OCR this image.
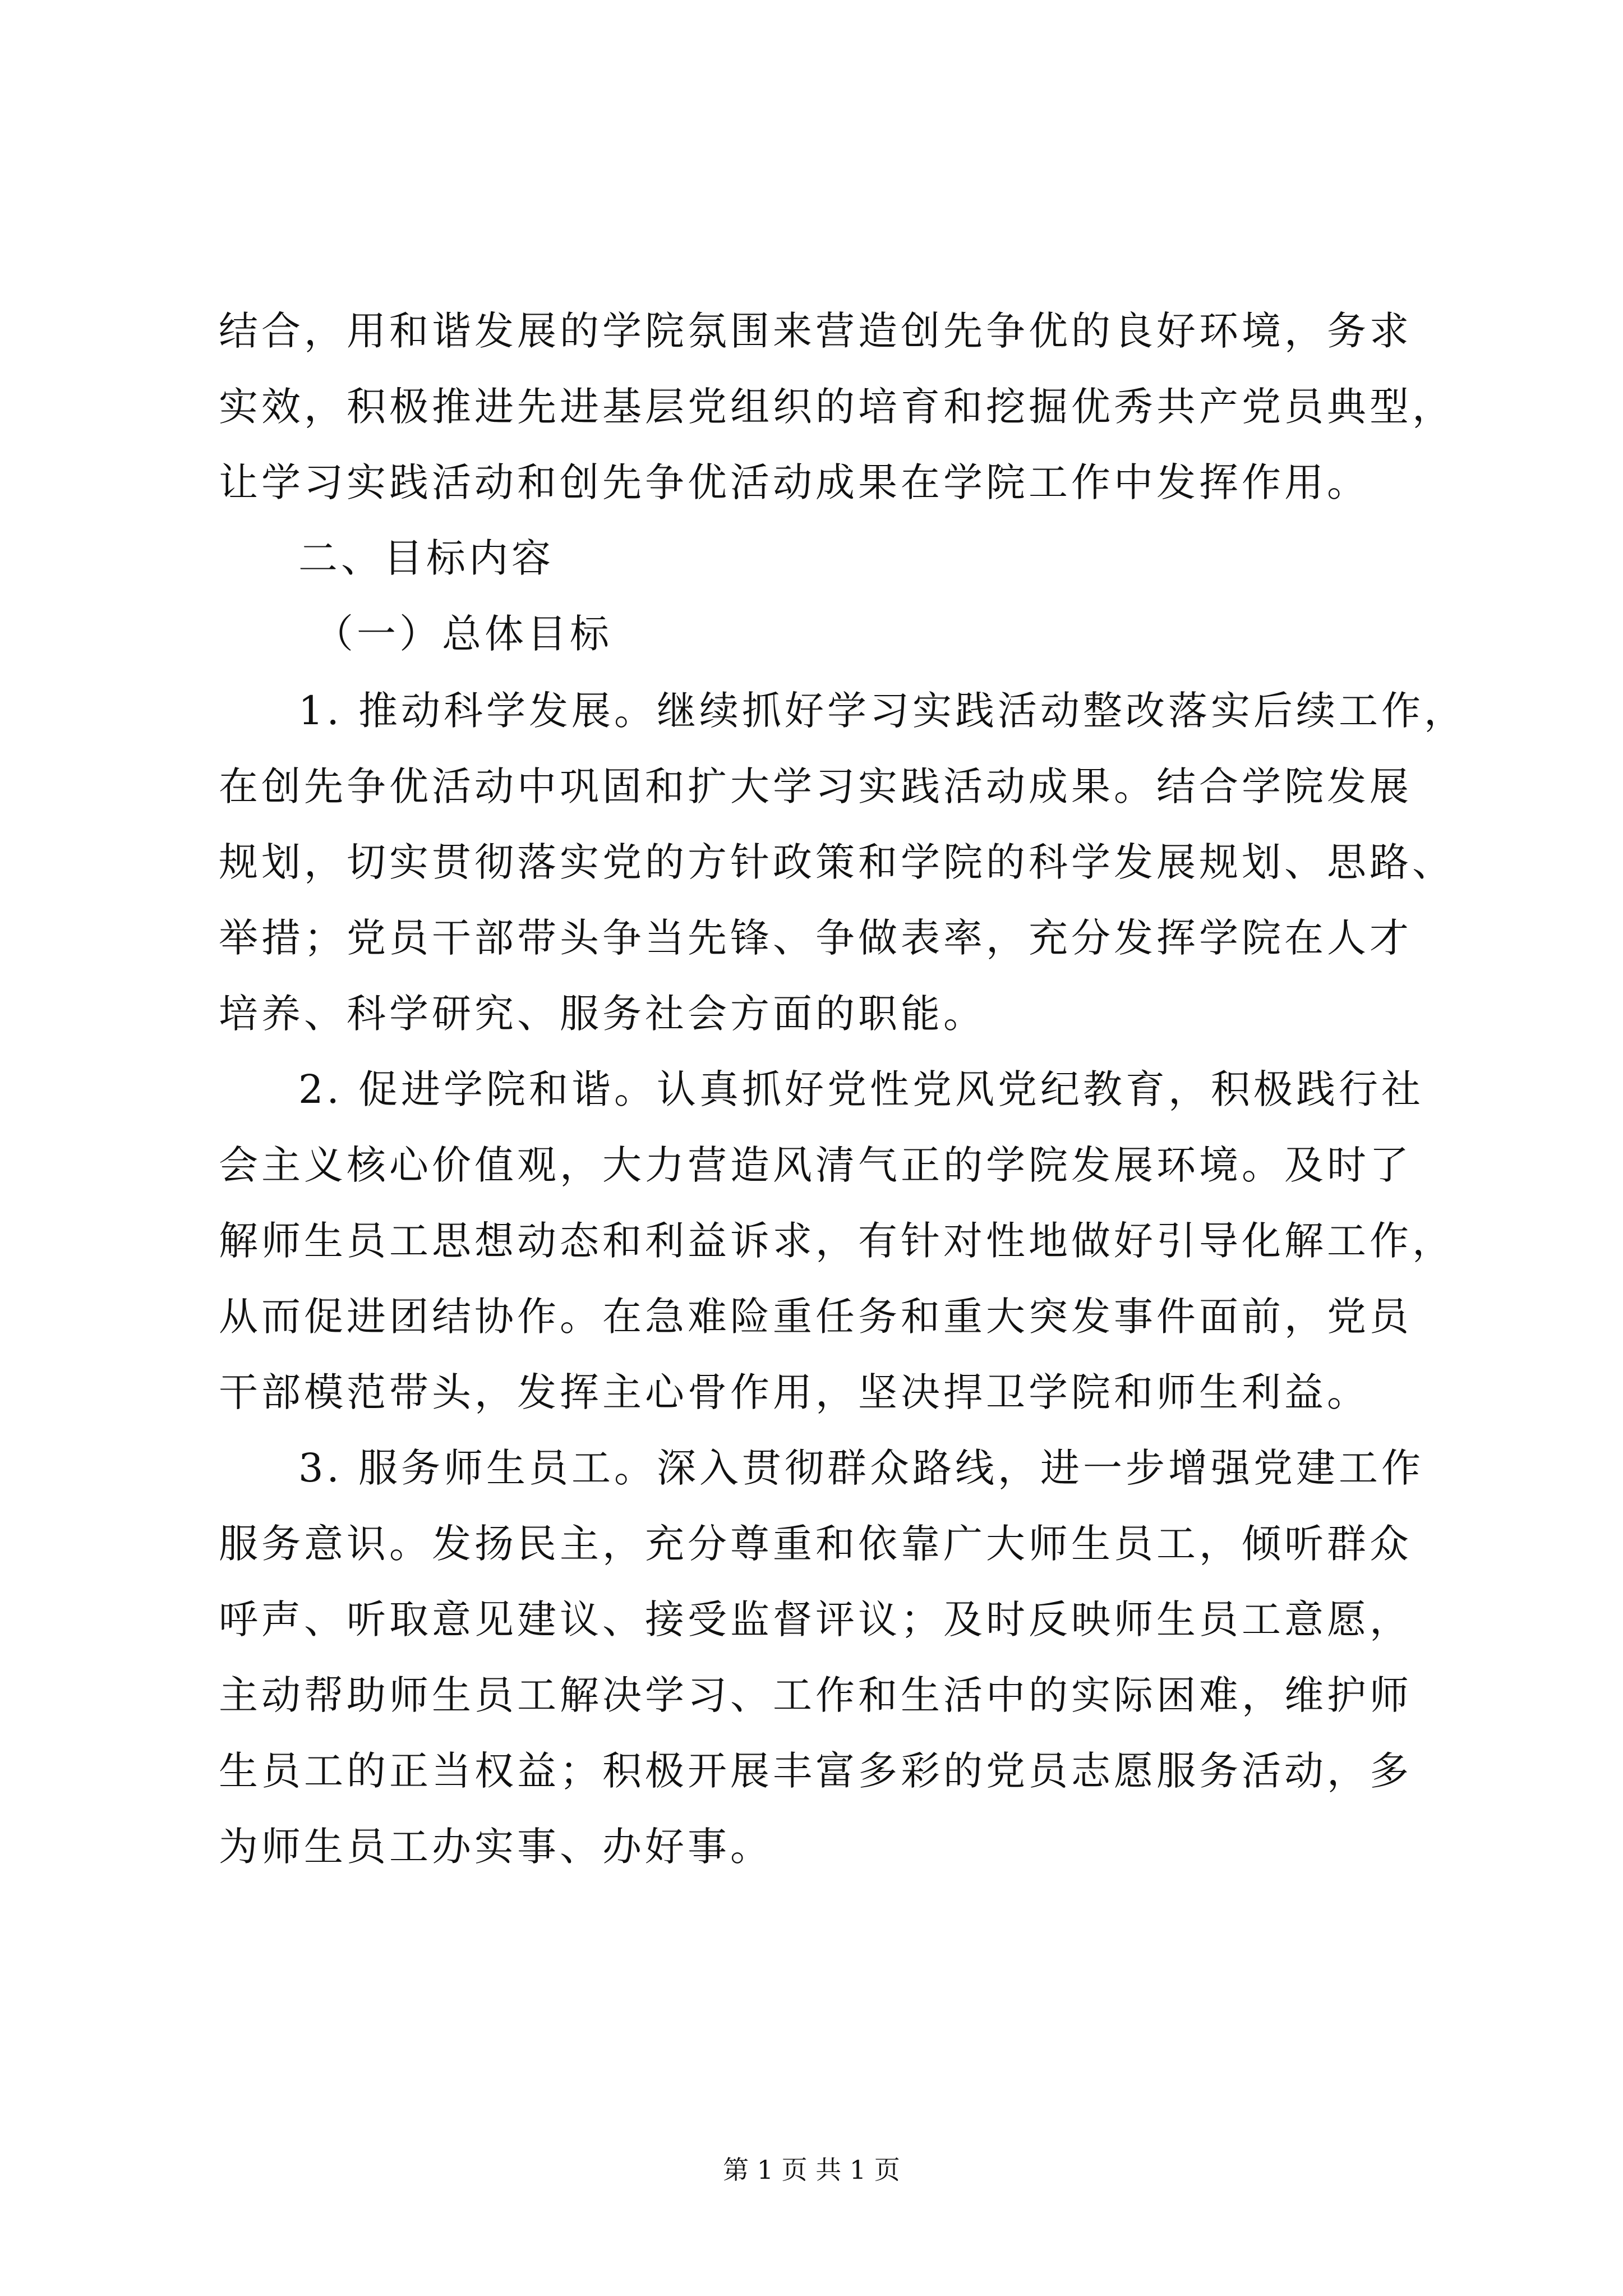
结合，用和谐发展的学院氛围来营造创先争优的良好环境，务求
实效，积极推进先进基层党组织的培育和挖掘优秀共产党员典型，
让学习实践活动和创先争优活动成果在学院工作中发挥作用。
二、目标内容
（一）总体目标
1. 推动科学发展。继续抓好学习实践活动整改落实后续工作，
在创先争优活动中巩固和扩大学习实践活动成果。结合学院发展
规划，切实贯彻落实党的方针政策和学院的科学发展规划、思路、
举措；党员干部带头争当先锋、争做表率，充分发挥学院在人才
培养、科学研究、服务社会方面的职能。
2. 促进学院和谐。认真抓好党性党风党纪教育，积极践行社
会主义核心价值观，大力营造风清气正的学院发展环境。及时了
解师生员工思想动态和利益诉求，有针对性地做好引导化解工作，
从而促进团结协作。在急难险重任务和重大突发事件面前，党员
干部模范带头，发挥主心骨作用，坚决捍卫学院和师生利益。
3. 服务师生员工。深入贯彻群众路线，进一步增强党建工作
服务意识。发扬民主，充分尊重和依靠广大师生员工，倾听群众
呼声、听取意见建议、接受监督评议；及时反映师生员工意愿，
主动帮助师生员工解决学习、工作和生活中的实际困难，维护师
生员工的正当权益；积极开展丰富多彩的党员志愿服务活动，多
为师生员工办实事、办好事。
第 1 页 共 1 页
